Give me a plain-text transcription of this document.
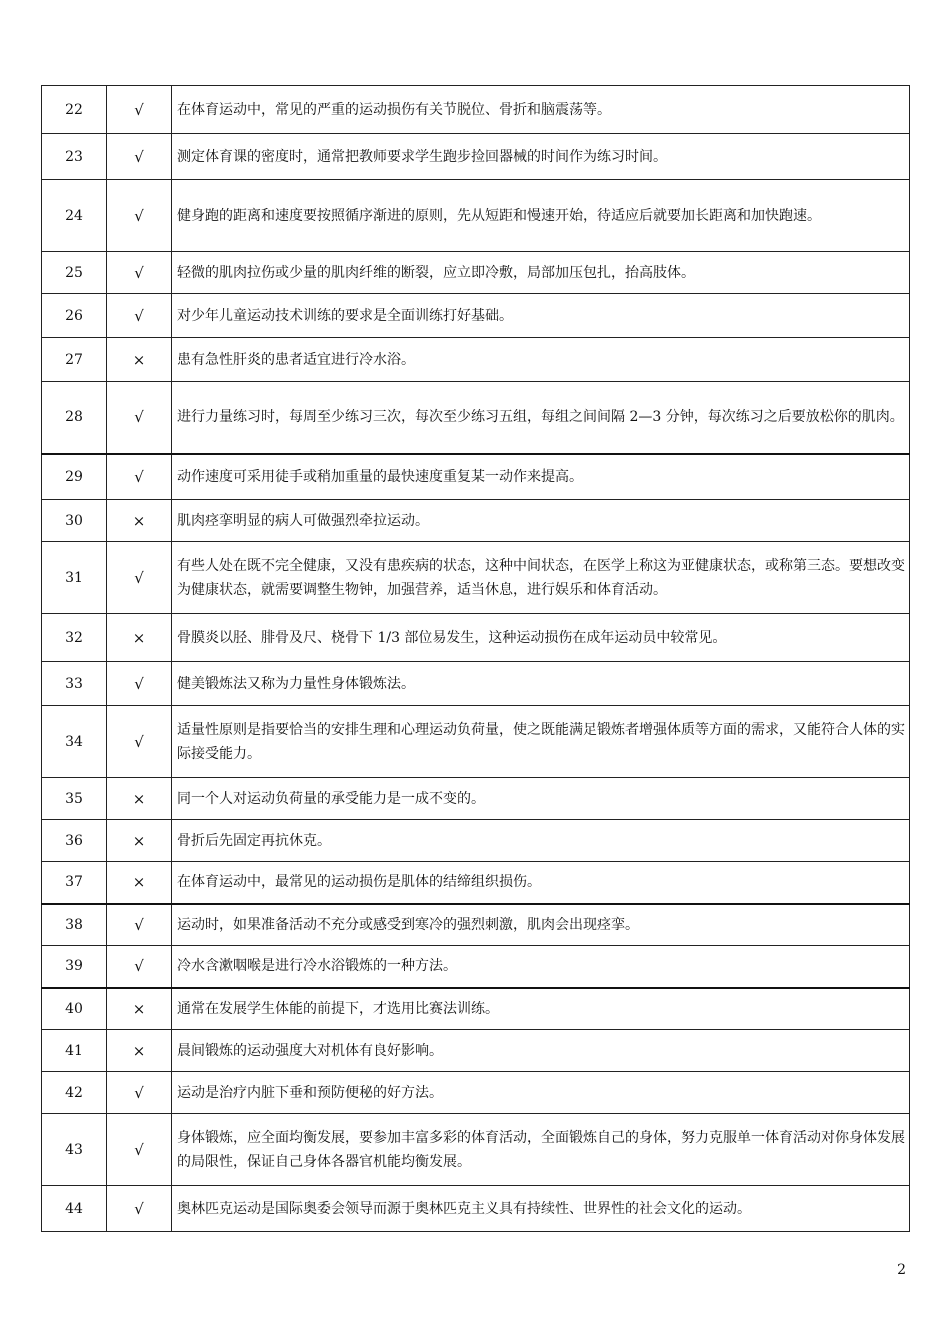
22	√	在体育运动中，常见的严重的运动损伤有关节脱位、骨折和脑震荡等。
23	√	测定体育课的密度时，通常把教师要求学生跑步捡回器械的时间作为练习时间。
24	√	健身跑的距离和速度要按照循序渐进的原则，先从短距和慢速开始，待适应后就要加长距离和加快跑速。
25	√	轻微的肌肉拉伤或少量的肌肉纤维的断裂，应立即冷敷，局部加压包扎，抬高肢体。
26	√	对少年儿童运动技术训练的要求是全面训练打好基础。
27	×	患有急性肝炎的患者适宜进行冷水浴。
28	√	进行力量练习时，每周至少练习三次，每次至少练习五组，每组之间间隔 2—3 分钟，每次练习之后要放松你的肌肉。
29	√	动作速度可采用徒手或稍加重量的最快速度重复某一动作来提高。
30	×	肌肉痉挛明显的病人可做强烈牵拉运动。
31	√	有些人处在既不完全健康，又没有患疾病的状态，这种中间状态，在医学上称这为亚健康状态，或称第三态。要想改变为健康状态，就需要调整生物钟，加强营养，适当休息，进行娱乐和体育活动。
32	×	骨膜炎以胫、腓骨及尺、桡骨下 1/3 部位易发生，这种运动损伤在成年运动员中较常见。
33	√	健美锻炼法又称为力量性身体锻炼法。
34	√	适量性原则是指要恰当的安排生理和心理运动负荷量，使之既能满足锻炼者增强体质等方面的需求，又能符合人体的实际接受能力。
35	×	同一个人对运动负荷量的承受能力是一成不变的。
36	×	骨折后先固定再抗休克。
37	×	在体育运动中，最常见的运动损伤是肌体的结缔组织损伤。
38	√	运动时，如果准备活动不充分或感受到寒冷的强烈刺激，肌肉会出现痉挛。
39	√	冷水含漱咽喉是进行冷水浴锻炼的一种方法。
40	×	通常在发展学生体能的前提下，才选用比赛法训练。
41	×	晨间锻炼的运动强度大对机体有良好影响。
42	√	运动是治疗内脏下垂和预防便秘的好方法。
43	√	身体锻炼，应全面均衡发展，要参加丰富多彩的体育活动，全面锻炼自己的身体，努力克服单一体育活动对你身体发展的局限性，保证自己身体各器官机能均衡发展。
44	√	奥林匹克运动是国际奥委会领导而源于奥林匹克主义具有持续性、世界性的社会文化的运动。
2
